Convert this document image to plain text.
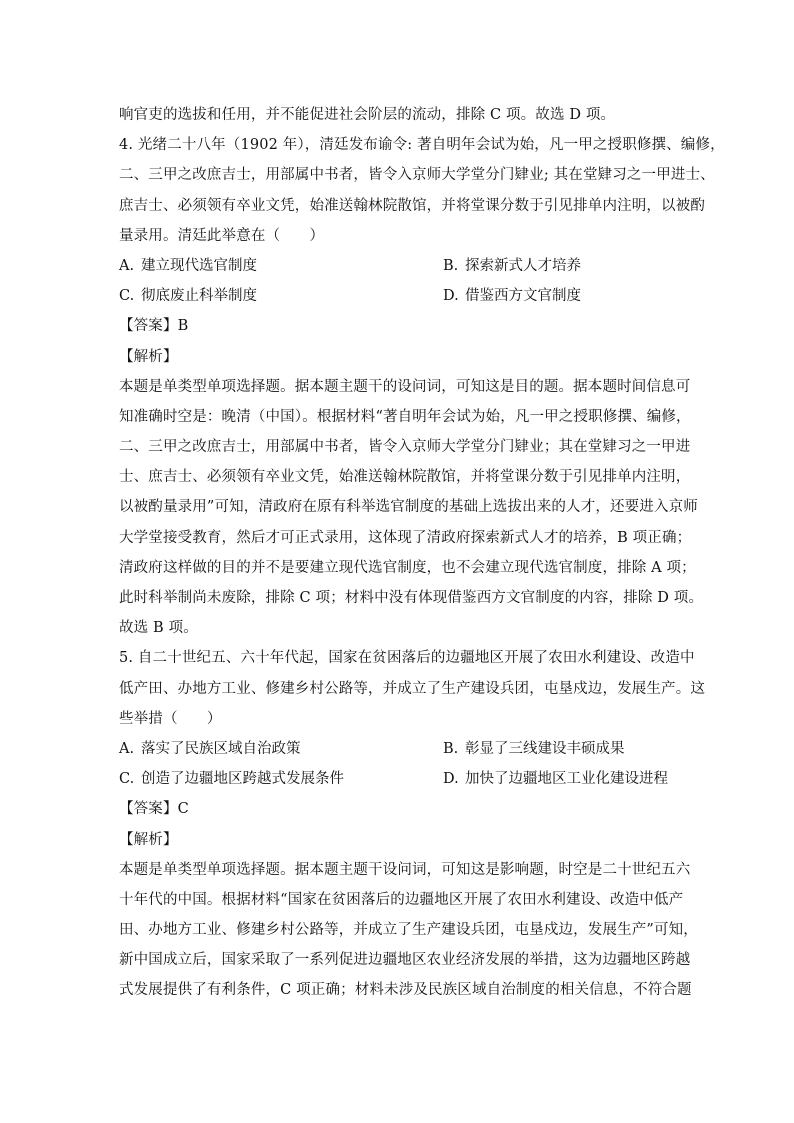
响官吏的选拔和任用，并不能促进社会阶层的流动，排除 C 项。故选 D 项。
4. 光绪二十八年（1902 年），清廷发布谕令: 著自明年会试为始，凡一甲之授职修撰、编修，
二、三甲之改庶吉士，用部属中书者，皆令入京师大学堂分门肄业; 其在堂肄习之一甲进士、
庶吉士、必须领有卒业文凭，始准送翰林院散馆，并将堂课分数于引见排单内注明，以被酌
量录用。清廷此举意在（　　）
A. 建立现代选官制度	B. 探索新式人才培养
C. 彻底废止科举制度	D. 借鉴西方文官制度
【答案】B
【解析】
本题是单类型单项选择题。据本题主题干的设问词，可知这是目的题。据本题时间信息可
知准确时空是：晚清（中国）。根据材料“著自明年会试为始，凡一甲之授职修撰、编修，
二、三甲之改庶吉士，用部属中书者，皆令入京师大学堂分门肄业；其在堂肄习之一甲进
士、庶吉士、必须领有卒业文凭，始准送翰林院散馆，并将堂课分数于引见排单内注明，
以被酌量录用”可知，清政府在原有科举选官制度的基础上选拔出来的人才，还要进入京师
大学堂接受教育，然后才可正式录用，这体现了清政府探索新式人才的培养，B 项正确；
清政府这样做的目的并不是要建立现代选官制度，也不会建立现代选官制度，排除 A 项；
此时科举制尚未废除，排除 C 项；材料中没有体现借鉴西方文官制度的内容，排除 D 项。
故选 B 项。
5. 自二十世纪五、六十年代起，国家在贫困落后的边疆地区开展了农田水利建设、改造中
低产田、办地方工业、修建乡村公路等，并成立了生产建设兵团，屯垦戍边，发展生产。这
些举措（　　）
A. 落实了民族区域自治政策	B. 彰显了三线建设丰硕成果
C. 创造了边疆地区跨越式发展条件	D. 加快了边疆地区工业化建设进程
【答案】C
【解析】
本题是单类型单项选择题。据本题主题干设问词，可知这是影响题，时空是二十世纪五六
十年代的中国。根据材料“国家在贫困落后的边疆地区开展了农田水利建设、改造中低产
田、办地方工业、修建乡村公路等，并成立了生产建设兵团，屯垦戍边，发展生产”可知，
新中国成立后，国家采取了一系列促进边疆地区农业经济发展的举措，这为边疆地区跨越
式发展提供了有利条件，C 项正确；材料未涉及民族区域自治制度的相关信息，不符合题
